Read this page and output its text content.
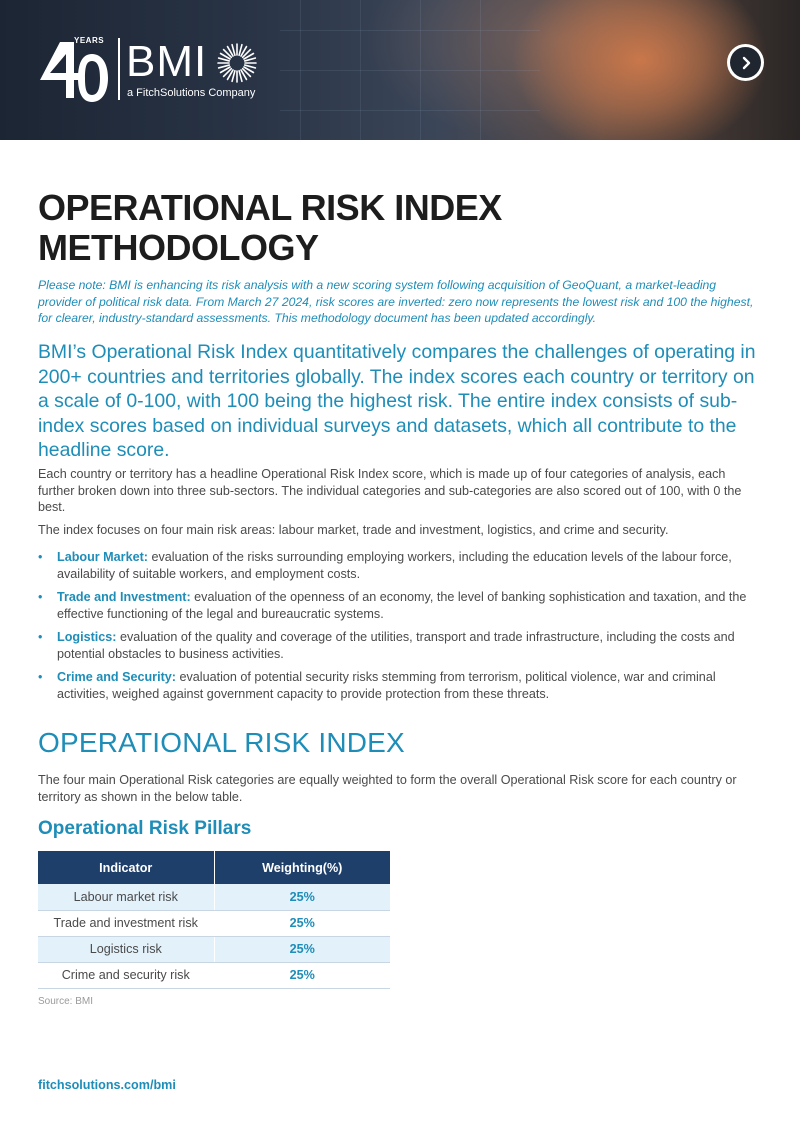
YEARS BMI
a FitchSolutions Company
OPERATIONAL RISK INDEX
METHODOLOGY

Please note: BMI is enhancing its risk analysis with a new scoring system following acquisition of GeoQuant, a market-leading provider of political risk data. From March 27 2024, risk scores are inverted: zero now represents the lowest risk and 100 the highest, for clearer, industry-standard assessments. This methodology document has been updated accordingly.

BMI’s Operational Risk Index quantitatively compares the challenges of operating in 200+ countries and territories globally. The index scores each country or territory on a scale of 0-100, with 100 being the highest risk. The entire index consists of sub-index scores based on individual surveys and datasets, which all contribute to the headline score.

Each country or territory has a headline Operational Risk Index score, which is made up of four categories of analysis, each further broken down into three sub-sectors. The individual categories and sub-categories are also scored out of 100, with 0 the best.

The index focuses on four main risk areas: labour market, trade and investment, logistics, and crime and security.

• Labour Market: evaluation of the risks surrounding employing workers, including the education levels of the labour force, availability of suitable workers, and employment costs.
• Trade and Investment: evaluation of the openness of an economy, the level of banking sophistication and taxation, and the effective functioning of the legal and bureaucratic systems.
• Logistics: evaluation of the quality and coverage of the utilities, transport and trade infrastructure, including the costs and potential obstacles to business activities.
• Crime and Security: evaluation of potential security risks stemming from terrorism, political violence, war and criminal activities, weighed against government capacity to provide protection from these threats.
OPERATIONAL RISK INDEX

The four main Operational Risk categories are equally weighted to form the overall Operational Risk score for each country or territory as shown in the below table.

Operational Risk Pillars
Indicator	Weighting(%)
Labour market risk	25%
Trade and investment risk	25%
Logistics risk	25%
Crime and security risk	25%
Source: BMI
fitchsolutions.com/bmi
